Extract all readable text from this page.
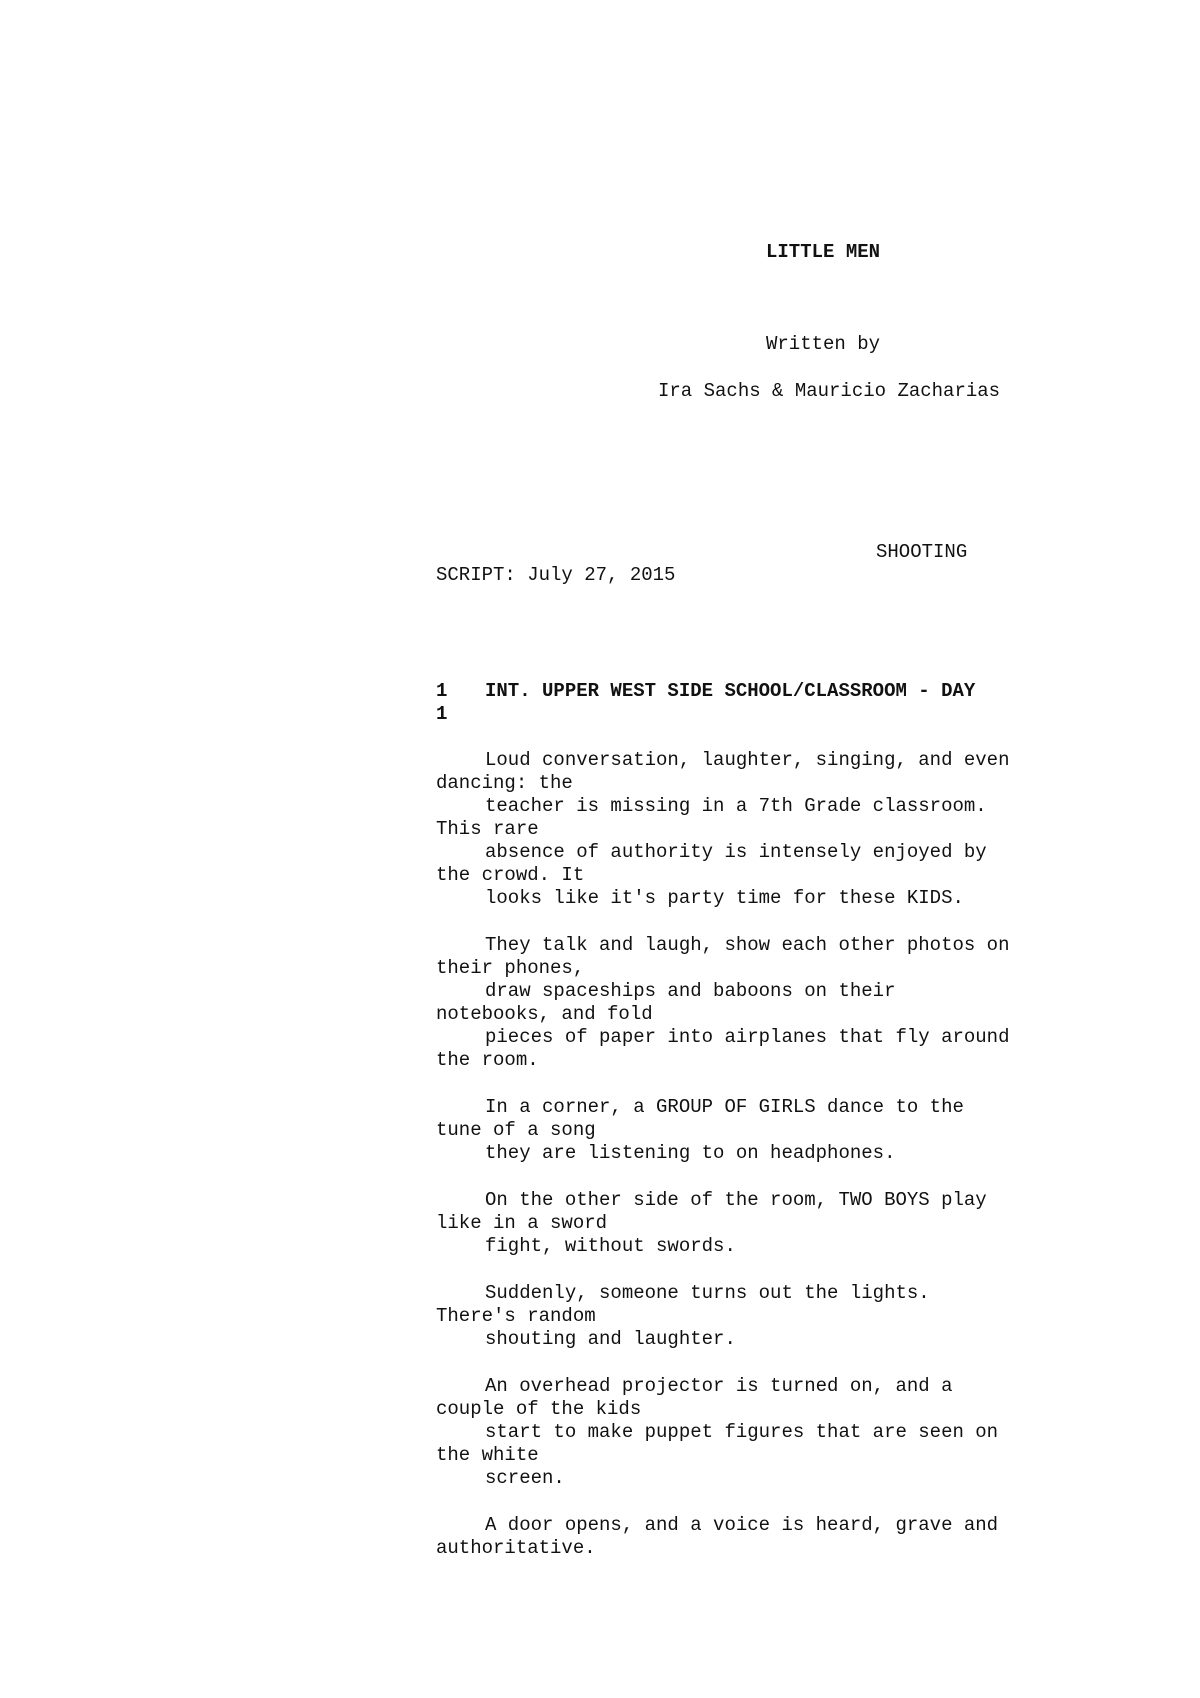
LITTLE MEN
Written by
Ira Sachs & Mauricio Zacharias
SHOOTING
SCRIPT: July 27, 2015
1 INT. UPPER WEST SIDE SCHOOL/CLASSROOM - DAY
1
Loud conversation, laughter, singing, and even
dancing: the
teacher is missing in a 7th Grade classroom.
This rare
absence of authority is intensely enjoyed by
the crowd. It
looks like it's party time for these KIDS.
They talk and laugh, show each other photos on
their phones,
draw spaceships and baboons on their
notebooks, and fold
pieces of paper into airplanes that fly around
the room.
In a corner, a GROUP OF GIRLS dance to the
tune of a song
they are listening to on headphones.
On the other side of the room, TWO BOYS play
like in a sword
fight, without swords.
Suddenly, someone turns out the lights.
There's random
shouting and laughter.
An overhead projector is turned on, and a
couple of the kids
start to make puppet figures that are seen on
the white
screen.
A door opens, and a voice is heard, grave and
authoritative.
